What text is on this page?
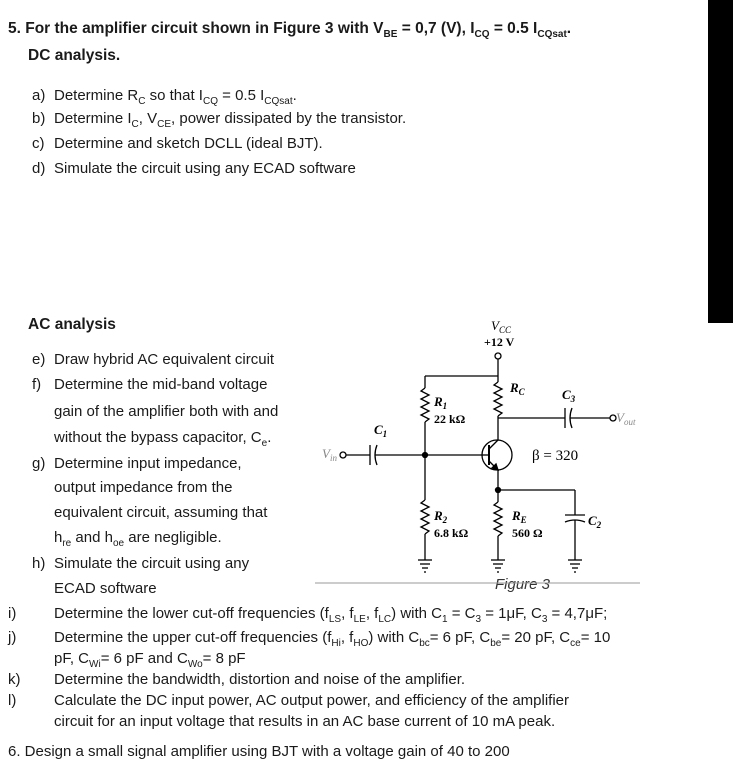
5. For the amplifier circuit shown in Figure 3 with $V_{BE} = 0,7$ (V), $I_{CQ} = 0.5$ $I_{CQsat}$.
DC analysis.
a) Determine $R_C$ so that $I_{CQ} = 0.5$ $I_{CQsat}$.
b) Determine $I_C$, $V_{CE}$, power dissipated by the transistor.
c) Determine and sketch DCLL (ideal BJT).
d) Simulate the circuit using any ECAD software
AC analysis
e) Draw hybrid AC equivalent circuit
f) Determine the mid-band voltage
gain of the amplifier both with and
without the bypass capacitor, $C_e$.
g) Determine input impedance,
output impedance from the
equivalent circuit, assuming that
$h_{re}$ and $h_{oe}$ are negligible.
h) Simulate the circuit using any
ECAD software
i)	Determine the lower cut-off frequencies ($f_{LS}$, $f_{LE}$, $f_{LC}$) with $C_1 = C_3 = 1\mu F$, $C_3 = 4,7\mu F$;
j)	Determine the upper cut-off frequencies ($f_{Hi}$, $f_{HO}$) with $C_{bc}= 6$ pF, $C_{be}= 20$ pF, $C_{ce}= 10$
pF, $C_{Wi}= 6$ pF and $C_{Wo}= 8$ pF
k) Determine the bandwidth, distortion and noise of the amplifier.
l)	Calculate the DC input power, AC output power, and efficiency of the amplifier
circuit for an input voltage that results in an AC base current of 10 mA peak.
6. Design a small signal amplifier using BJT with a voltage gain of 40 to 200
Figure 3
$V_{CC}$
+12 V
$R_1$
22 kΩ
$R_C$	$C_3$
$V_{out}$
$C_1$
$V_{in}$	β = 320
$R_2$
6.8 kΩ
$R_E$
560 Ω
$C_2$
